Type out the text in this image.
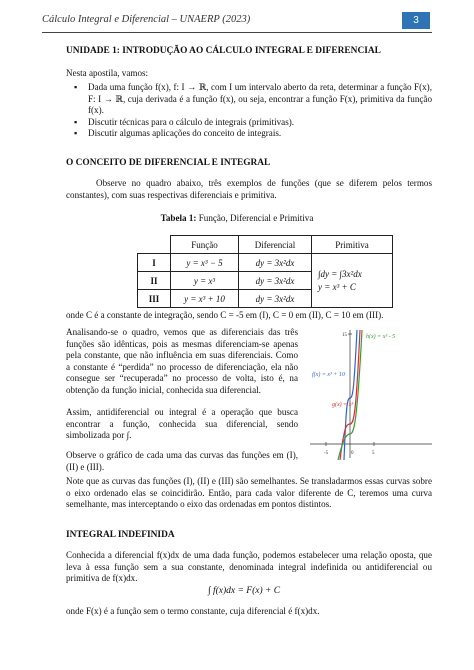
Cálculo Integral e Diferencial – UNAERP (2023)	3

UNIDADE 1: INTRODUÇÃO AO CÁLCULO INTEGRAL E DIFERENCIAL

Nesta apostila, vamos:

▪ Dada uma função f(x), f: I → ℝ, com I um intervalo aberto da reta, determinar a função F(x), F: I → ℝ, cuja derivada é a função f(x), ou seja, encontrar a função F(x), primitiva da função f(x).
▪ Discutir técnicas para o cálculo de integrais (primitivas).
▪ Discutir algumas aplicações do conceito de integrais.

O CONCEITO DE DIFERENCIAL E INTEGRAL

Observe no quadro abaixo, três exemplos de funções (que se diferem pelos termos constantes), com suas respectivas diferenciais e primitiva.

Tabela 1: Função, Diferencial e Primitiva

	Função	Diferencial	Primitiva
I	y = x³ − 5	dy = 3x²dx	∫dy = ∫3x²dx
y = x³ + C

II	y = x³	dy = 3x²dx	
III	y = x³ + 10	dy = 3x²dx	

onde C é a constante de integração, sendo C = -5 em (I), C = 0 em (II), C = 10 em (III).

Analisando-se o quadro, vemos que as diferenciais das três funções são idênticas, pois as mesmas diferenciam-se apenas pela constante, que não influência em suas diferenciais. Como a constante é “perdida” no processo de diferenciação, ela não consegue ser “recuperada” no processo de volta, isto é, na obtenção da função inicial, conhecida sua diferencial.

Assim, antidiferencial ou integral é a operação que busca encontrar a função, conhecida sua diferencial, sendo simbolizada por ∫.

Observe o gráfico de cada uma das curvas das funções em (I), (II) e (III).

-5	0	5
15	h(x) = x³ - 5
f(x) = x³ + 10
g(x) = x³

Note que as curvas das funções (I), (II) e (III) são semelhantes. Se transladarmos essas curvas sobre o eixo ordenado elas se coincidirão. Então, para cada valor diferente de C, teremos uma curva semelhante, mas interceptando o eixo das ordenadas em pontos distintos.

INTEGRAL INDEFINIDA

Conhecida a diferencial f(x)dx de uma dada função, podemos estabelecer uma relação oposta, que leva à essa função sem a sua constante, denominada integral indefinida ou antidiferencial ou primitiva de f(x)dx.

∫ f(x)dx = F(x) + C

onde F(x) é a função sem o termo constante, cuja diferencial é f(x)dx.
